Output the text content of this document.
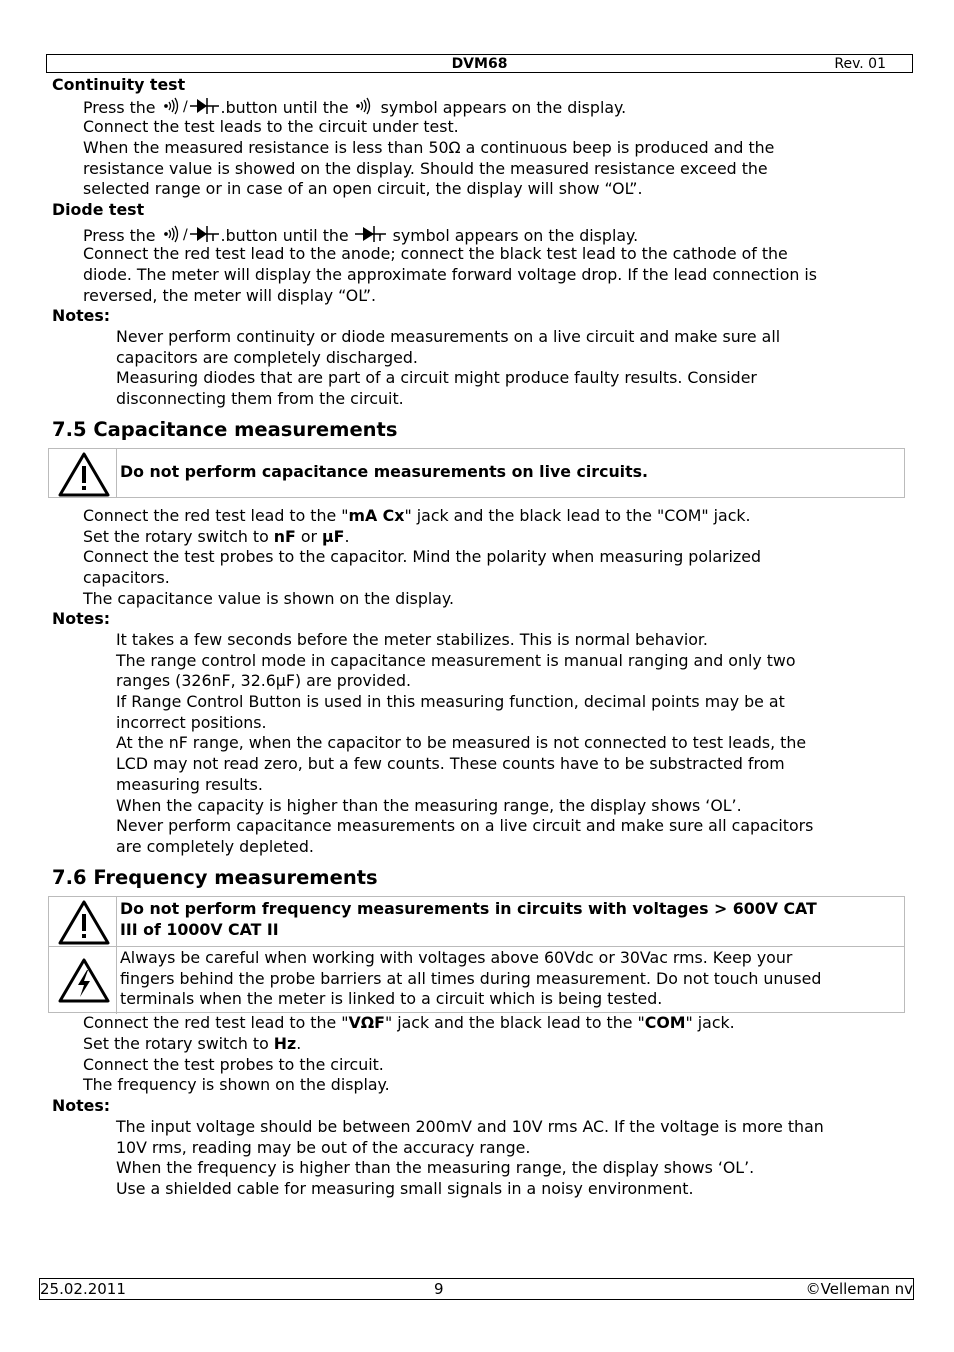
DVM68	Rev. 01
Continuity test
Press the / .button until the  symbol appears on the display.
Connect the test leads to the circuit under test.
When the measured resistance is less than 50Ω a continuous beep is produced and the
resistance value is showed on the display. Should the measured resistance exceed the
selected range or in case of an open circuit, the display will show “OL”.
Diode test
Press the / .button until the  symbol appears on the display.
Connect the red test lead to the anode; connect the black test lead to the cathode of the
diode. The meter will display the approximate forward voltage drop. If the lead connection is
reversed, the meter will display “OL”.
Notes:
Never perform continuity or diode measurements on a live circuit and make sure all
capacitors are completely discharged.
Measuring diodes that are part of a circuit might produce faulty results. Consider
disconnecting them from the circuit.
7.5 Capacitance measurements
Do not perform capacitance measurements on live circuits.
Connect the red test lead to the "mA Cx" jack and the black lead to the "COM" jack.
Set the rotary switch to nF or µF.
Connect the test probes to the capacitor. Mind the polarity when measuring polarized
capacitors.
The capacitance value is shown on the display.
Notes:
It takes a few seconds before the meter stabilizes. This is normal behavior.
The range control mode in capacitance measurement is manual ranging and only two
ranges (326nF, 32.6µF) are provided.
If Range Control Button is used in this measuring function, decimal points may be at
incorrect positions.
At the nF range, when the capacitor to be measured is not connected to test leads, the
LCD may not read zero, but a few counts. These counts have to be substracted from
measuring results.
When the capacity is higher than the measuring range, the display shows ‘OL’.
Never perform capacitance measurements on a live circuit and make sure all capacitors
are completely depleted.
7.6 Frequency measurements
Do not perform frequency measurements in circuits with voltages > 600V CAT
III of 1000V CAT II
Always be careful when working with voltages above 60Vdc or 30Vac rms. Keep your
fingers behind the probe barriers at all times during measurement. Do not touch unused
terminals when the meter is linked to a circuit which is being tested.
Connect the red test lead to the "VΩF" jack and the black lead to the "COM" jack.
Set the rotary switch to Hz.
Connect the test probes to the circuit.
The frequency is shown on the display.
Notes:
The input voltage should be between 200mV and 10V rms AC. If the voltage is more than
10V rms, reading may be out of the accuracy range.
When the frequency is higher than the measuring range, the display shows ‘OL’.
Use a shielded cable for measuring small signals in a noisy environment.
25.02.2011	9	©Velleman nv
